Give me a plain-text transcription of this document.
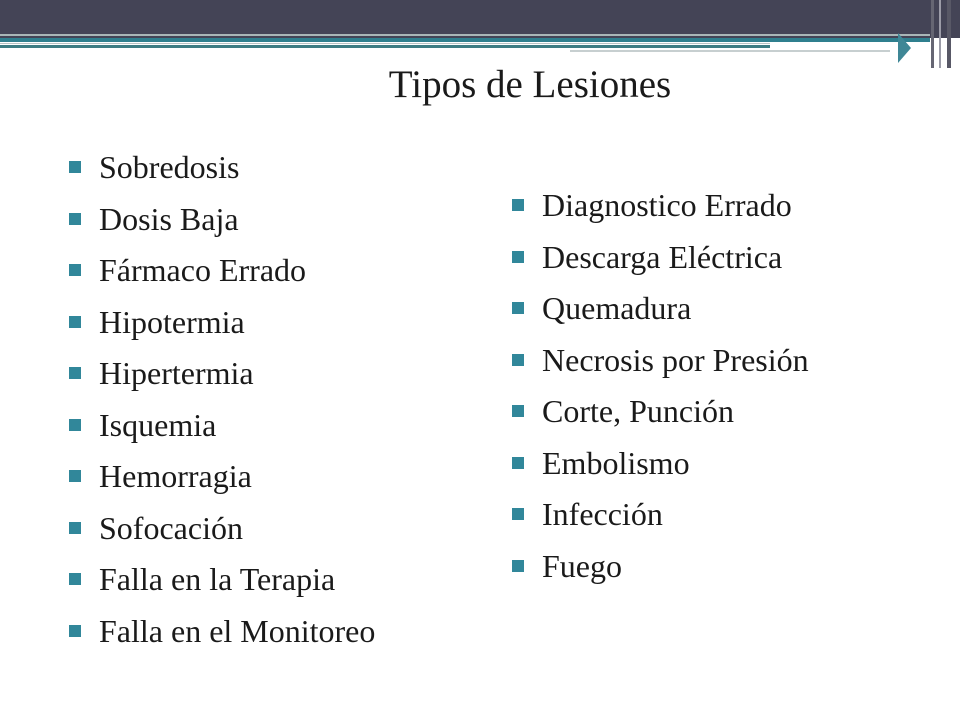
Tipos de Lesiones
Sobredosis
Dosis Baja
Fármaco Errado
Hipotermia
Hipertermia
Isquemia
Hemorragia
Sofocación
Falla en la Terapia
Falla en el Monitoreo
Diagnostico Errado
Descarga Eléctrica
Quemadura
Necrosis por Presión
Corte, Punción
Embolismo
Infección
Fuego
